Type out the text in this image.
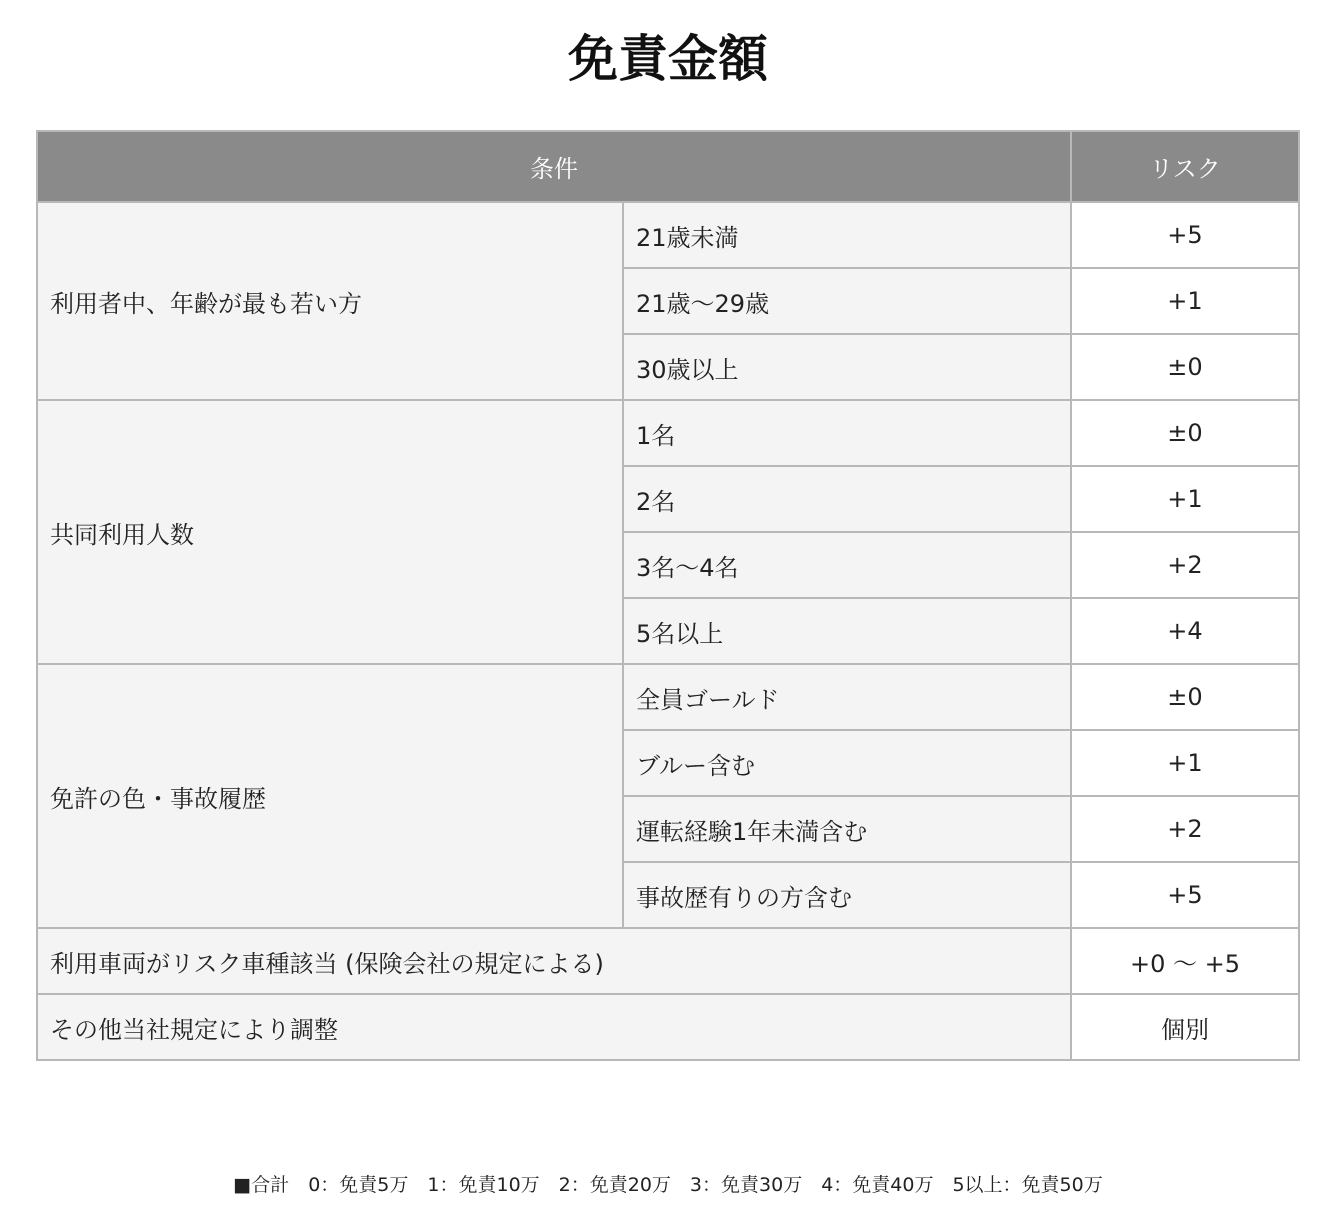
免責金額
条件		リスク
利用者中、年齢が最も若い方	21歳未満	+5
	21歳〜29歳	+1
	30歳以上	±0
共同利用人数	1名	±0
	2名	+1
	3名〜4名	+2
	5名以上	+4
免許の色・事故履歴	全員ゴールド	±0
	ブルー含む	+1
	運転経験1年未満含む	+2
	事故歴有りの方含む	+5
利用車両がリスク車種該当 (保険会社の規定による)		+0 〜 +5
その他当社規定により調整		個別
■合計　0：免責5万　1：免責10万　2：免責20万　3：免責30万　4：免責40万　5以上：免責50万
